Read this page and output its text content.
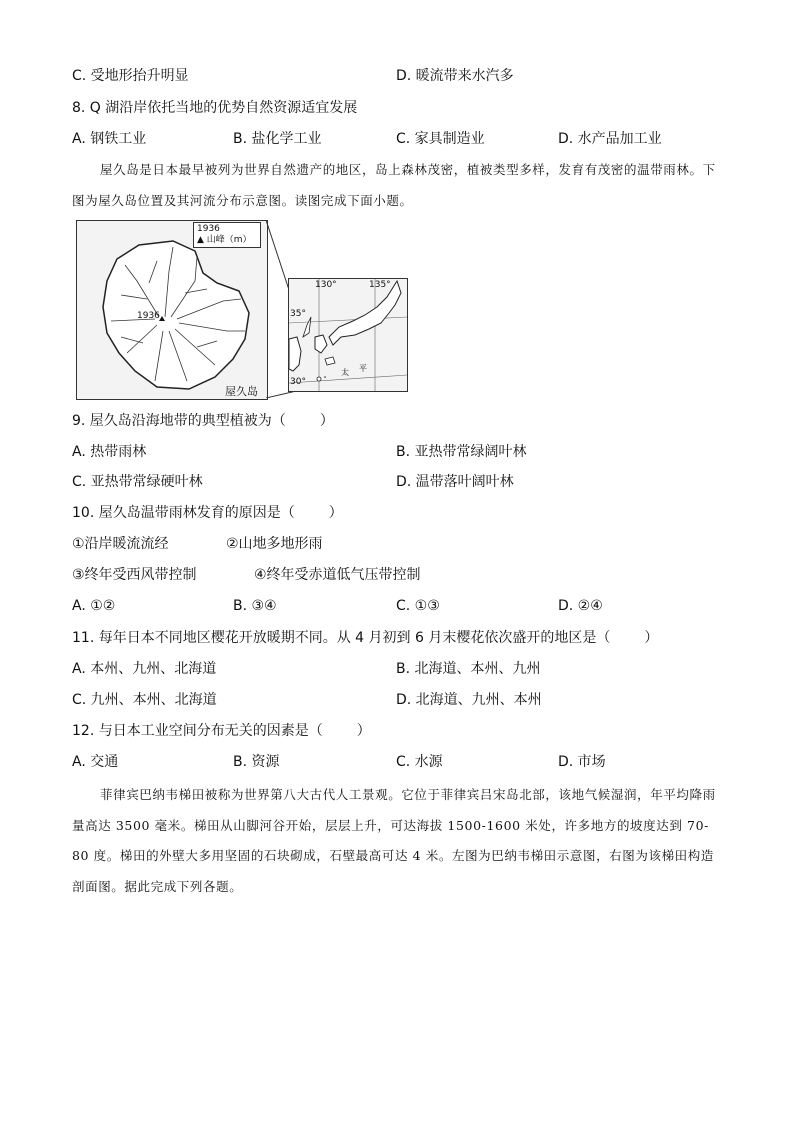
C. 受地形抬升明显	D. 暖流带来水汽多
8. Q 湖沿岸依托当地的优势自然资源适宜发展
A. 钢铁工业	B. 盐化学工业	C. 家具制造业	D. 水产品加工业
屋久岛是日本最早被列为世界自然遗产的地区，岛上森林茂密，植被类型多样，发育有茂密的温带雨林。下图为屋久岛位置及其河流分布示意图。读图完成下面小题。
1936
▲ 山峰（m）
1936
屋久岛
130°	135°
35°
30°
太 平
9. 屋久岛沿海地带的典型植被为（ ）
A. 热带雨林	B. 亚热带常绿阔叶林
C. 亚热带常绿硬叶林	D. 温带落叶阔叶林
10. 屋久岛温带雨林发育的原因是（ ）
①沿岸暖流流经	②山地多地形雨
③终年受西风带控制	④终年受赤道低气压带控制
A. ①②	B. ③④	C. ①③	D. ②④
11. 每年日本不同地区樱花开放暖期不同。从 4 月初到 6 月末樱花依次盛开的地区是（ ）
A. 本州、九州、北海道	B. 北海道、本州、九州
C. 九州、本州、北海道	D. 北海道、九州、本州
12. 与日本工业空间分布无关的因素是（ ）
A. 交通	B. 资源	C. 水源	D. 市场
菲律宾巴纳韦梯田被称为世界第八大古代人工景观。它位于菲律宾吕宋岛北部，该地气候湿润，年平均降雨量高达 3500 毫米。梯田从山脚河谷开始，层层上升，可达海拔 1500-1600 米处，许多地方的坡度达到 70-80 度。梯田的外壁大多用坚固的石块砌成，石壁最高可达 4 米。左图为巴纳韦梯田示意图，右图为该梯田构造剖面图。据此完成下列各题。
